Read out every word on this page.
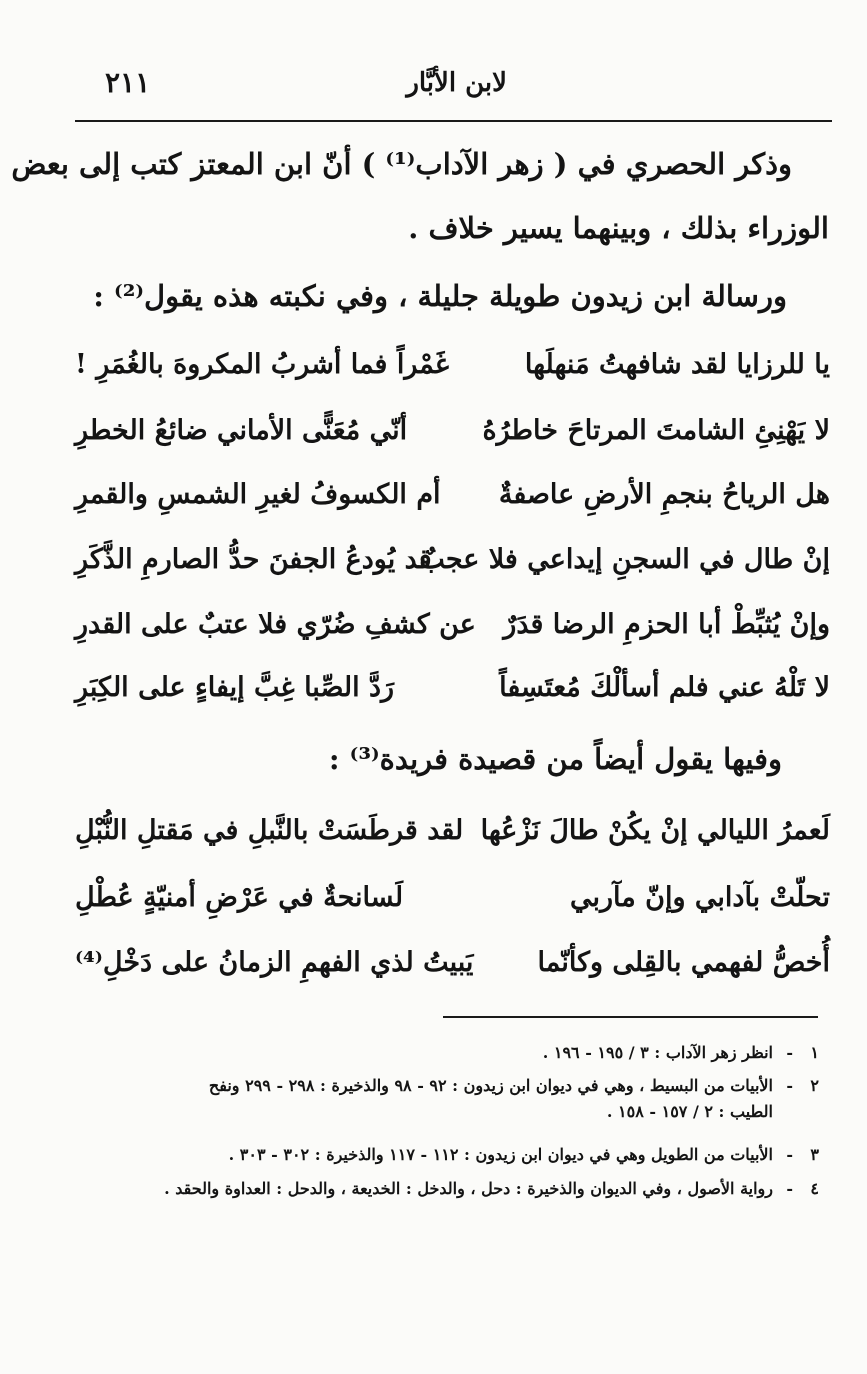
لابن الأبَّار
٢١١
وذكر الحصري في ( زهر الآداب⁽¹⁾ ) أنّ ابن المعتز كتب إلى بعض
الوزراء بذلك ، وبينهما يسير خلاف .
ورسالة ابن زيدون طويلة جليلة ، وفي نكبته هذه يقول⁽²⁾ :
يا للرزايا لقد شافهتُ مَنهلَها
غَمْراً فما أشربُ المكروهَ بالغُمَرِ !
لا يَهْنِئِ الشامتَ المرتاحَ خاطرُهُ
أنّي مُعَنًّى الأماني ضائعُ الخطرِ
هل الرياحُ بنجمِ الأرضِ عاصفةٌ
أم الكسوفُ لغيرِ الشمسِ والقمرِ
إنْ طال في السجنِ إيداعي فلا عجبٌ
قد يُودعُ الجفنَ حدُّ الصارمِ الذَّكَرِ
وإنْ يُثبِّطْ أبا الحزمِ الرضا قدَرٌ
عن كشفِ ضُرّي فلا عتبٌ على القدرِ
لا تَلْهُ عني فلم أسألْكَ مُعتَسِفاً
رَدَّ الصِّبا غِبَّ إيفاءٍ على الكِبَرِ
وفيها يقول أيضاً من قصيدة فريدة⁽³⁾ :
لَعمرُ الليالي إنْ يكُنْ طالَ نَزْعُها
لقد قرطَسَتْ بالنَّبلِ في مَقتلِ النُّبْلِ
تحلّتْ بآدابي وإنّ مآربي
لَسانحةٌ في عَرْضِ أمنيّةٍ عُطْلِ
أُخصُّ لفهمي بالقِلى وكأنّما
يَبيتُ لذي الفهمِ الزمانُ على دَخْلِ⁽⁴⁾
١-انظر زهر الآداب : ٣ / ١٩٥ - ١٩٦ .
٢-الأبيات من البسيط ، وهي في ديوان ابن زيدون : ٩٢ - ٩٨ والذخيرة : ٢٩٨ - ٢٩٩ ونفح
الطيب : ٢ / ١٥٧ - ١٥٨ .
٣-الأبيات من الطويل وهي في ديوان ابن زيدون : ١١٢ - ١١٧ والذخيرة : ٣٠٢ - ٣٠٣ .
٤-رواية الأصول ، وفي الديوان والذخيرة : دحل ، والدخل : الخديعة ، والدحل : العداوة والحقد .
